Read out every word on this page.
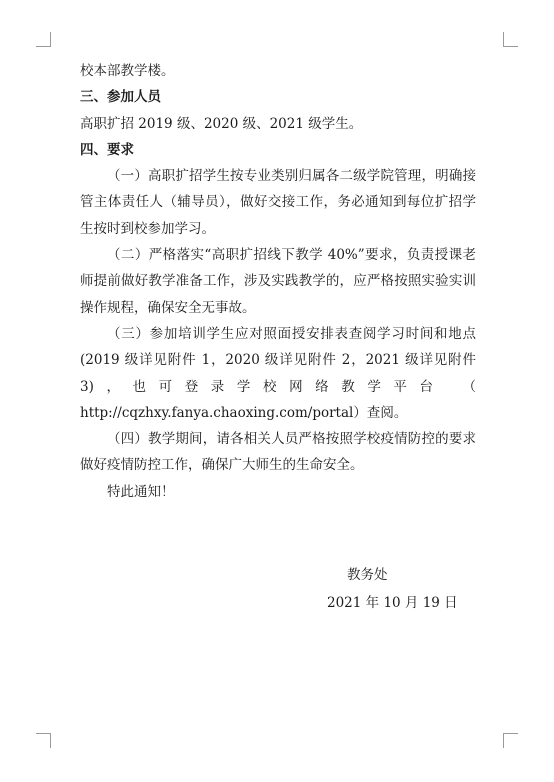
校本部教学楼。
三、参加人员
高职扩招 2019 级、2020 级、2021 级学生。
四、要求

（一）高职扩招学生按专业类别归属各二级学院管理，明确接管主体责任人（辅导员），做好交接工作，务必通知到每位扩招学生按时到校参加学习。

（二）严格落实“高职扩招线下教学 40%”要求，负责授课老师提前做好教学准备工作，涉及实践教学的，应严格按照实验实训操作规程，确保安全无事故。

（三）参加培训学生应对照面授安排表查阅学习时间和地点(2019 级详见附件 1，2020 级详见附件 2，2021 级详见附件 3)，也可登录学校网络教学平台 （ http://cqzhxy.fanya.chaoxing.com/portal）查阅。

（四）教学期间，请各相关人员严格按照学校疫情防控的要求做好疫情防控工作，确保广大师生的生命安全。

特此通知！
教务处
2021 年 10 月 19 日
